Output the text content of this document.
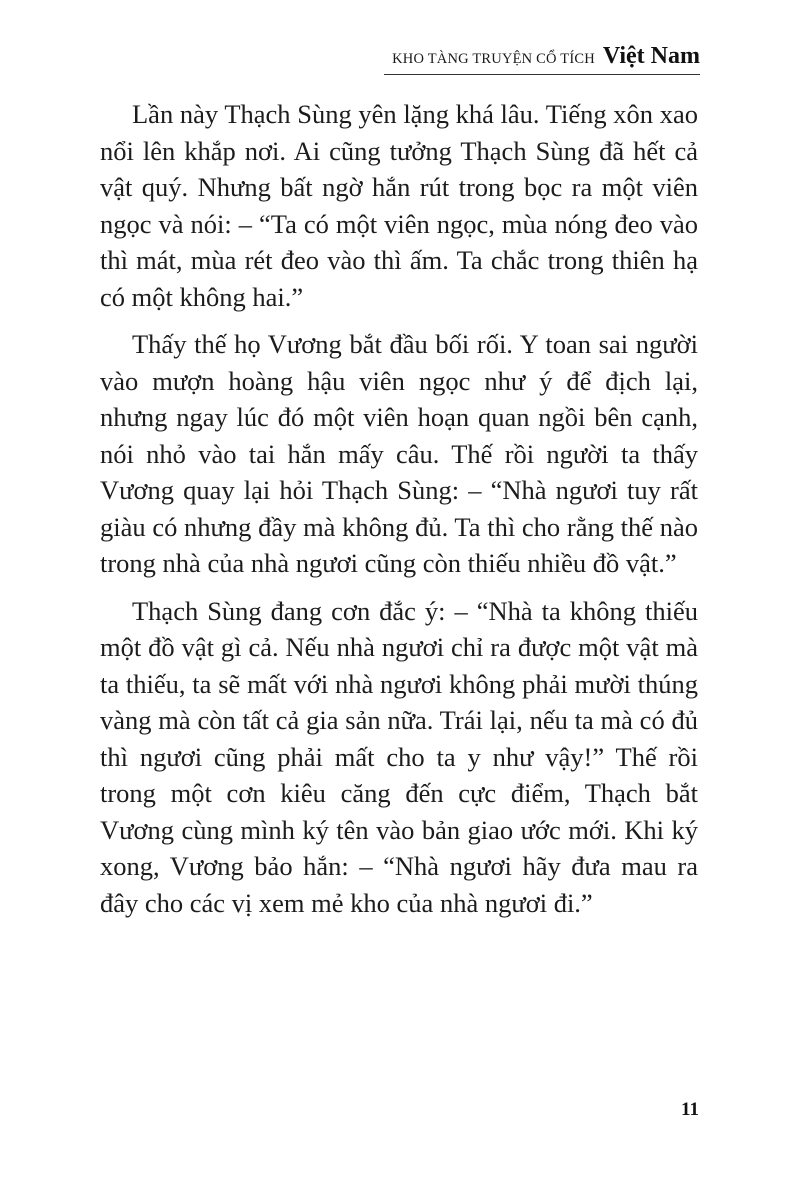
KHO TÀNG TRUYỆN CỔ TÍCH Việt Nam

Lần này Thạch Sùng yên lặng khá lâu. Tiếng xôn xao nổi lên khắp nơi. Ai cũng tưởng Thạch Sùng đã hết cả vật quý. Nhưng bất ngờ hắn rút trong bọc ra một viên ngọc và nói: – “Ta có một viên ngọc, mùa nóng đeo vào thì mát, mùa rét đeo vào thì ấm. Ta chắc trong thiên hạ có một không hai.”

Thấy thế họ Vương bắt đầu bối rối. Y toan sai người vào mượn hoàng hậu viên ngọc như ý để địch lại, nhưng ngay lúc đó một viên hoạn quan ngồi bên cạnh, nói nhỏ vào tai hắn mấy câu. Thế rồi người ta thấy Vương quay lại hỏi Thạch Sùng: – “Nhà ngươi tuy rất giàu có nhưng đầy mà không đủ. Ta thì cho rằng thế nào trong nhà của nhà ngươi cũng còn thiếu nhiều đồ vật.”

Thạch Sùng đang cơn đắc ý: – “Nhà ta không thiếu một đồ vật gì cả. Nếu nhà ngươi chỉ ra được một vật mà ta thiếu, ta sẽ mất với nhà ngươi không phải mười thúng vàng mà còn tất cả gia sản nữa. Trái lại, nếu ta mà có đủ thì ngươi cũng phải mất cho ta y như vậy!” Thế rồi trong một cơn kiêu căng đến cực điểm, Thạch bắt Vương cùng mình ký tên vào bản giao ước mới. Khi ký xong, Vương bảo hắn: – “Nhà ngươi hãy đưa mau ra đây cho các vị xem mẻ kho của nhà ngươi đi.”

11
